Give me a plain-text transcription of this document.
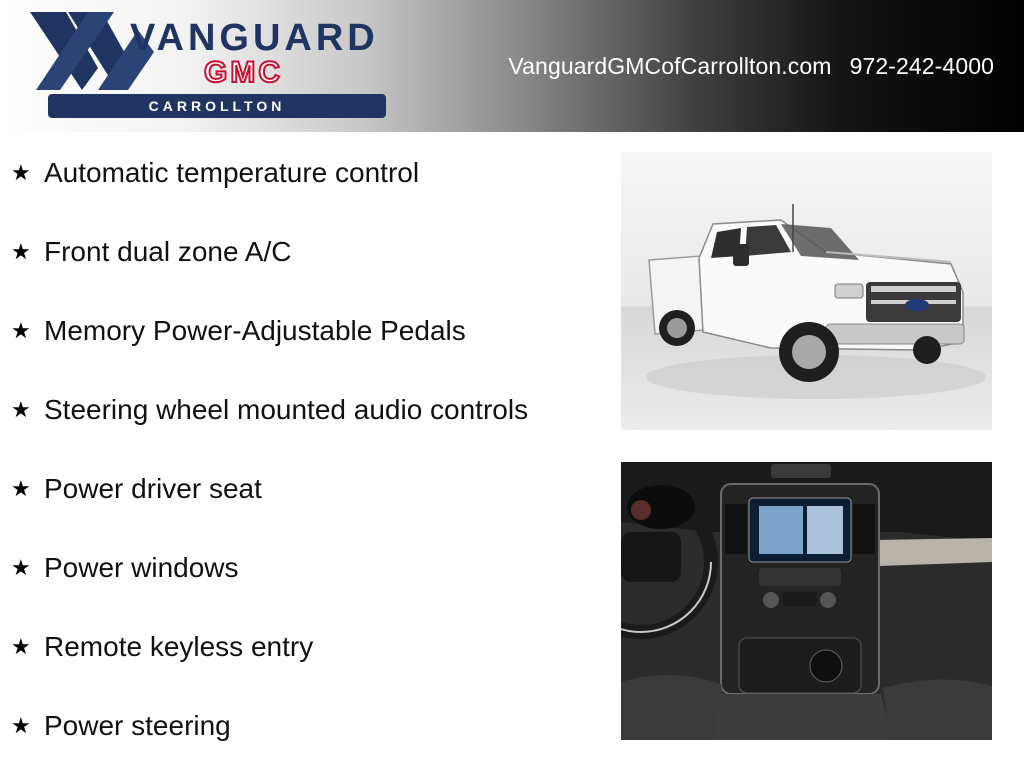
VANGUARD
GMC
CARROLLTON
VanguardGMCofCarrollton.com 972-242-4000
★ Automatic temperature control
★ Front dual zone A/C
★ Memory Power-Adjustable Pedals
★ Steering wheel mounted audio controls
★ Power driver seat
★ Power windows
★ Remote keyless entry
★ Power steering
